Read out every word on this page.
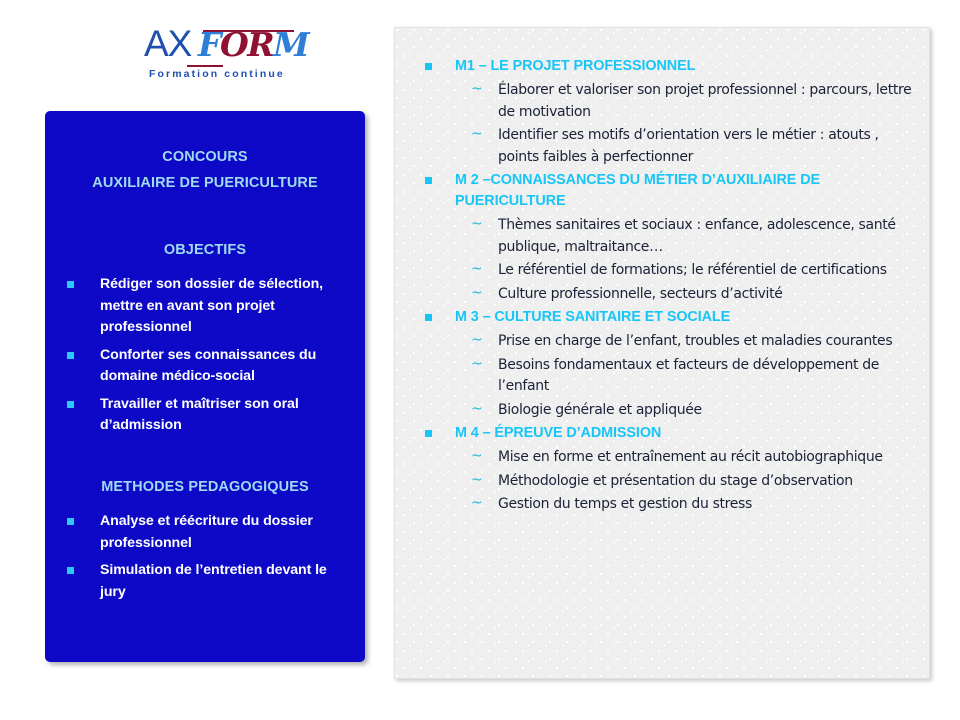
AX FORM
Formation continue
CONCOURS
AUXILIAIRE DE PUERICULTURE
OBJECTIFS
Rédiger son dossier de sélection, mettre en avant son projet professionnel
Conforter ses connaissances du domaine médico-social
Travailler et maîtriser son oral d’admission
METHODES PEDAGOGIQUES
Analyse et réécriture du dossier professionnel
Simulation de l’entretien devant le jury
M1 – LE PROJET PROFESSIONNEL
~ Élaborer et valoriser son projet professionnel : parcours, lettre de motivation
~ Identifier ses motifs d’orientation vers le métier : atouts , points faibles à perfectionner
M 2 –CONNAISSANCES DU MÉTIER D’AUXILIAIRE DE PUERICULTURE
~ Thèmes sanitaires et sociaux : enfance, adolescence, santé publique, maltraitance…
~ Le référentiel de formations; le référentiel de certifications
~ Culture professionnelle, secteurs d’activité
M 3 – CULTURE SANITAIRE ET SOCIALE
~ Prise en charge de l’enfant, troubles et maladies courantes
~ Besoins fondamentaux et facteurs de développement de l’enfant
~ Biologie générale et appliquée
M 4 – ÉPREUVE D’ADMISSION
~ Mise en forme et entraînement au récit autobiographique
~ Méthodologie et présentation du stage d’observation
~ Gestion du temps et gestion du stress
